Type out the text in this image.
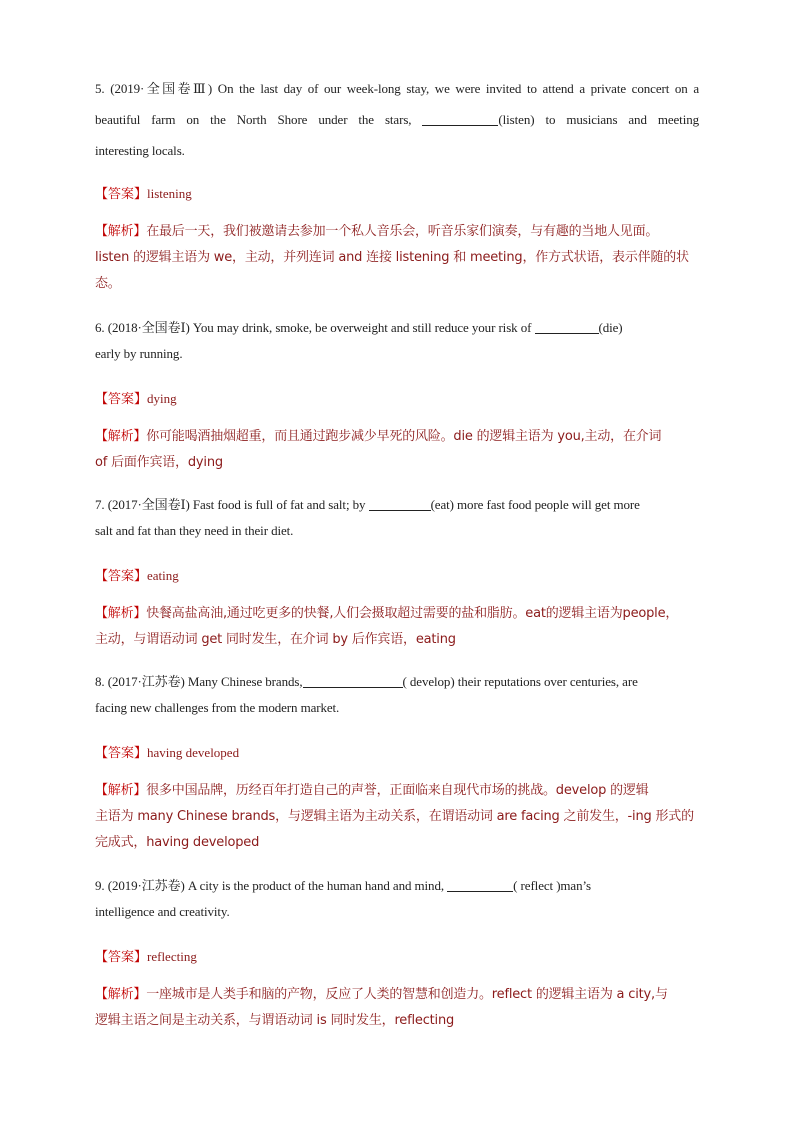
5. (2019·全国卷Ⅲ) On the last day of our week-long stay, we were invited to attend a private concert on a
beautiful farm on the North Shore under the stars,	(listen) to musicians and meeting
interesting locals.
【答案】listening
【解析】在最后一天，我们被邀请去参加一个私人音乐会，听音乐家们演奏，与有趣的当地人见面。
listen 的逻辑主语为 we，主动，并列连词 and 连接 listening 和 meeting，作方式状语，表示伴随的状
态。
6. (2018·全国卷Ⅰ) You may drink, smoke, be overweight and still reduce your risk of	(die)
early by running.
【答案】dying
【解析】你可能喝酒抽烟超重，而且通过跑步减少早死的风险。die 的逻辑主语为 you,主动，在介词
of 后面作宾语，dying
7. (2017·全国卷Ⅰ) Fast food is full of fat and salt; by	(eat) more fast food people will get more
salt and fat than they need in their diet.
【答案】eating
【解析】快餐高盐高油,通过吃更多的快餐,人们会摄取超过需要的盐和脂肪。eat的逻辑主语为people，
主动，与谓语动词 get 同时发生，在介词 by 后作宾语，eating
8. (2017·江苏卷) Many Chinese brands,	( develop) their reputations over centuries, are
facing new challenges from the modern market.
【答案】having developed
【解析】很多中国品牌，历经百年打造自己的声誉，正面临来自现代市场的挑战。develop 的逻辑
主语为 many Chinese brands，与逻辑主语为主动关系，在谓语动词 are facing 之前发生，-ing 形式的
完成式，having developed
9. (2019·江苏卷) A city is the product of the human hand and mind,	( reflect )man’s
intelligence and creativity.
【答案】reflecting
【解析】一座城市是人类手和脑的产物，反应了人类的智慧和创造力。reflect 的逻辑主语为 a city,与
逻辑主语之间是主动关系，与谓语动词 is 同时发生，reflecting
